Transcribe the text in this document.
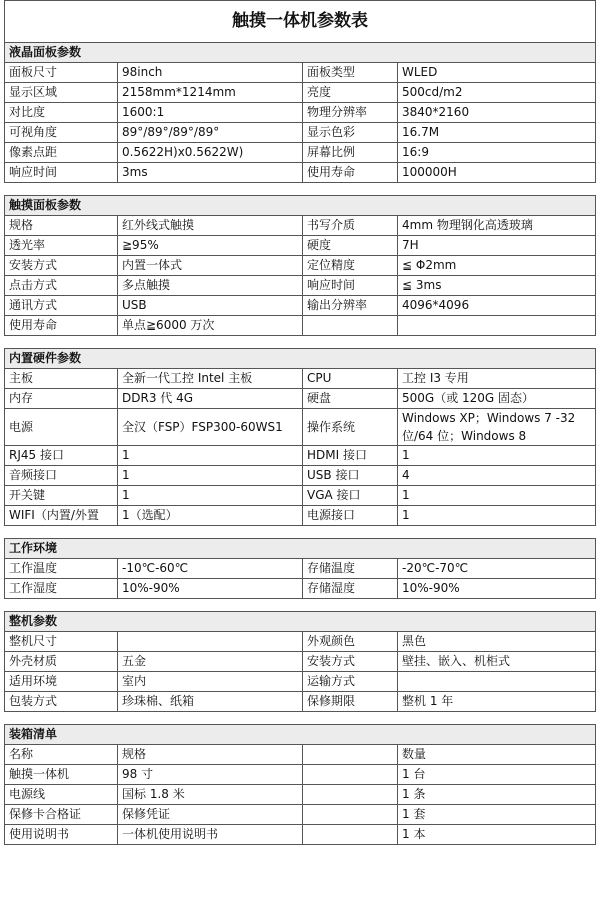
触摸一体机参数表
液晶面板参数			
面板尺寸	98inch	面板类型	WLED
显示区域	2158mm*1214mm	亮度	500cd/m2
对比度	1600:1	物理分辨率	3840*2160
可视角度	89°/89°/89°/89°	显示色彩	16.7M
像素点距	0.5622H)x0.5622W)	屏幕比例	16:9
响应时间	3ms	使用寿命	100000H
触摸面板参数			
规格	红外线式触摸	书写介质	4mm 物理钢化高透玻璃
透光率	≧95%	硬度	7H
安装方式	内置一体式	定位精度	≦ Φ2mm
点击方式	多点触摸	响应时间	≦ 3ms
通讯方式	USB	输出分辨率	4096*4096
使用寿命	单点≧6000 万次		
内置硬件参数			
主板	全新一代工控 Intel 主板	CPU	工控 I3 专用
内存	DDR3 代 4G	硬盘	500G（或 120G 固态）
电源	全汉（FSP）FSP300-60WS1	操作系统	Windows XP；Windows 7 -32 位/64 位；Windows 8
RJ45 接口	1	HDMI 接口	1
音频接口	1	USB 接口	4
开关键	1	VGA 接口	1
WIFI（内置/外置	1（选配）	电源接口	1
工作环境			
工作温度	-10℃-60℃	存储温度	-20℃-70℃
工作湿度	10%-90%	存储湿度	10%-90%
整机参数			
整机尺寸		外观颜色	黑色
外壳材质	五金	安装方式	壁挂、嵌入、机柜式
适用环境	室内	运输方式	
包装方式	珍珠棉、纸箱	保修期限	整机 1 年
装箱清单			
名称	规格		数量
触摸一体机	98 寸		1 台
电源线	国标 1.8 米		1 条
保修卡合格证	保修凭证		1 套
使用说明书	一体机使用说明书		1 本
